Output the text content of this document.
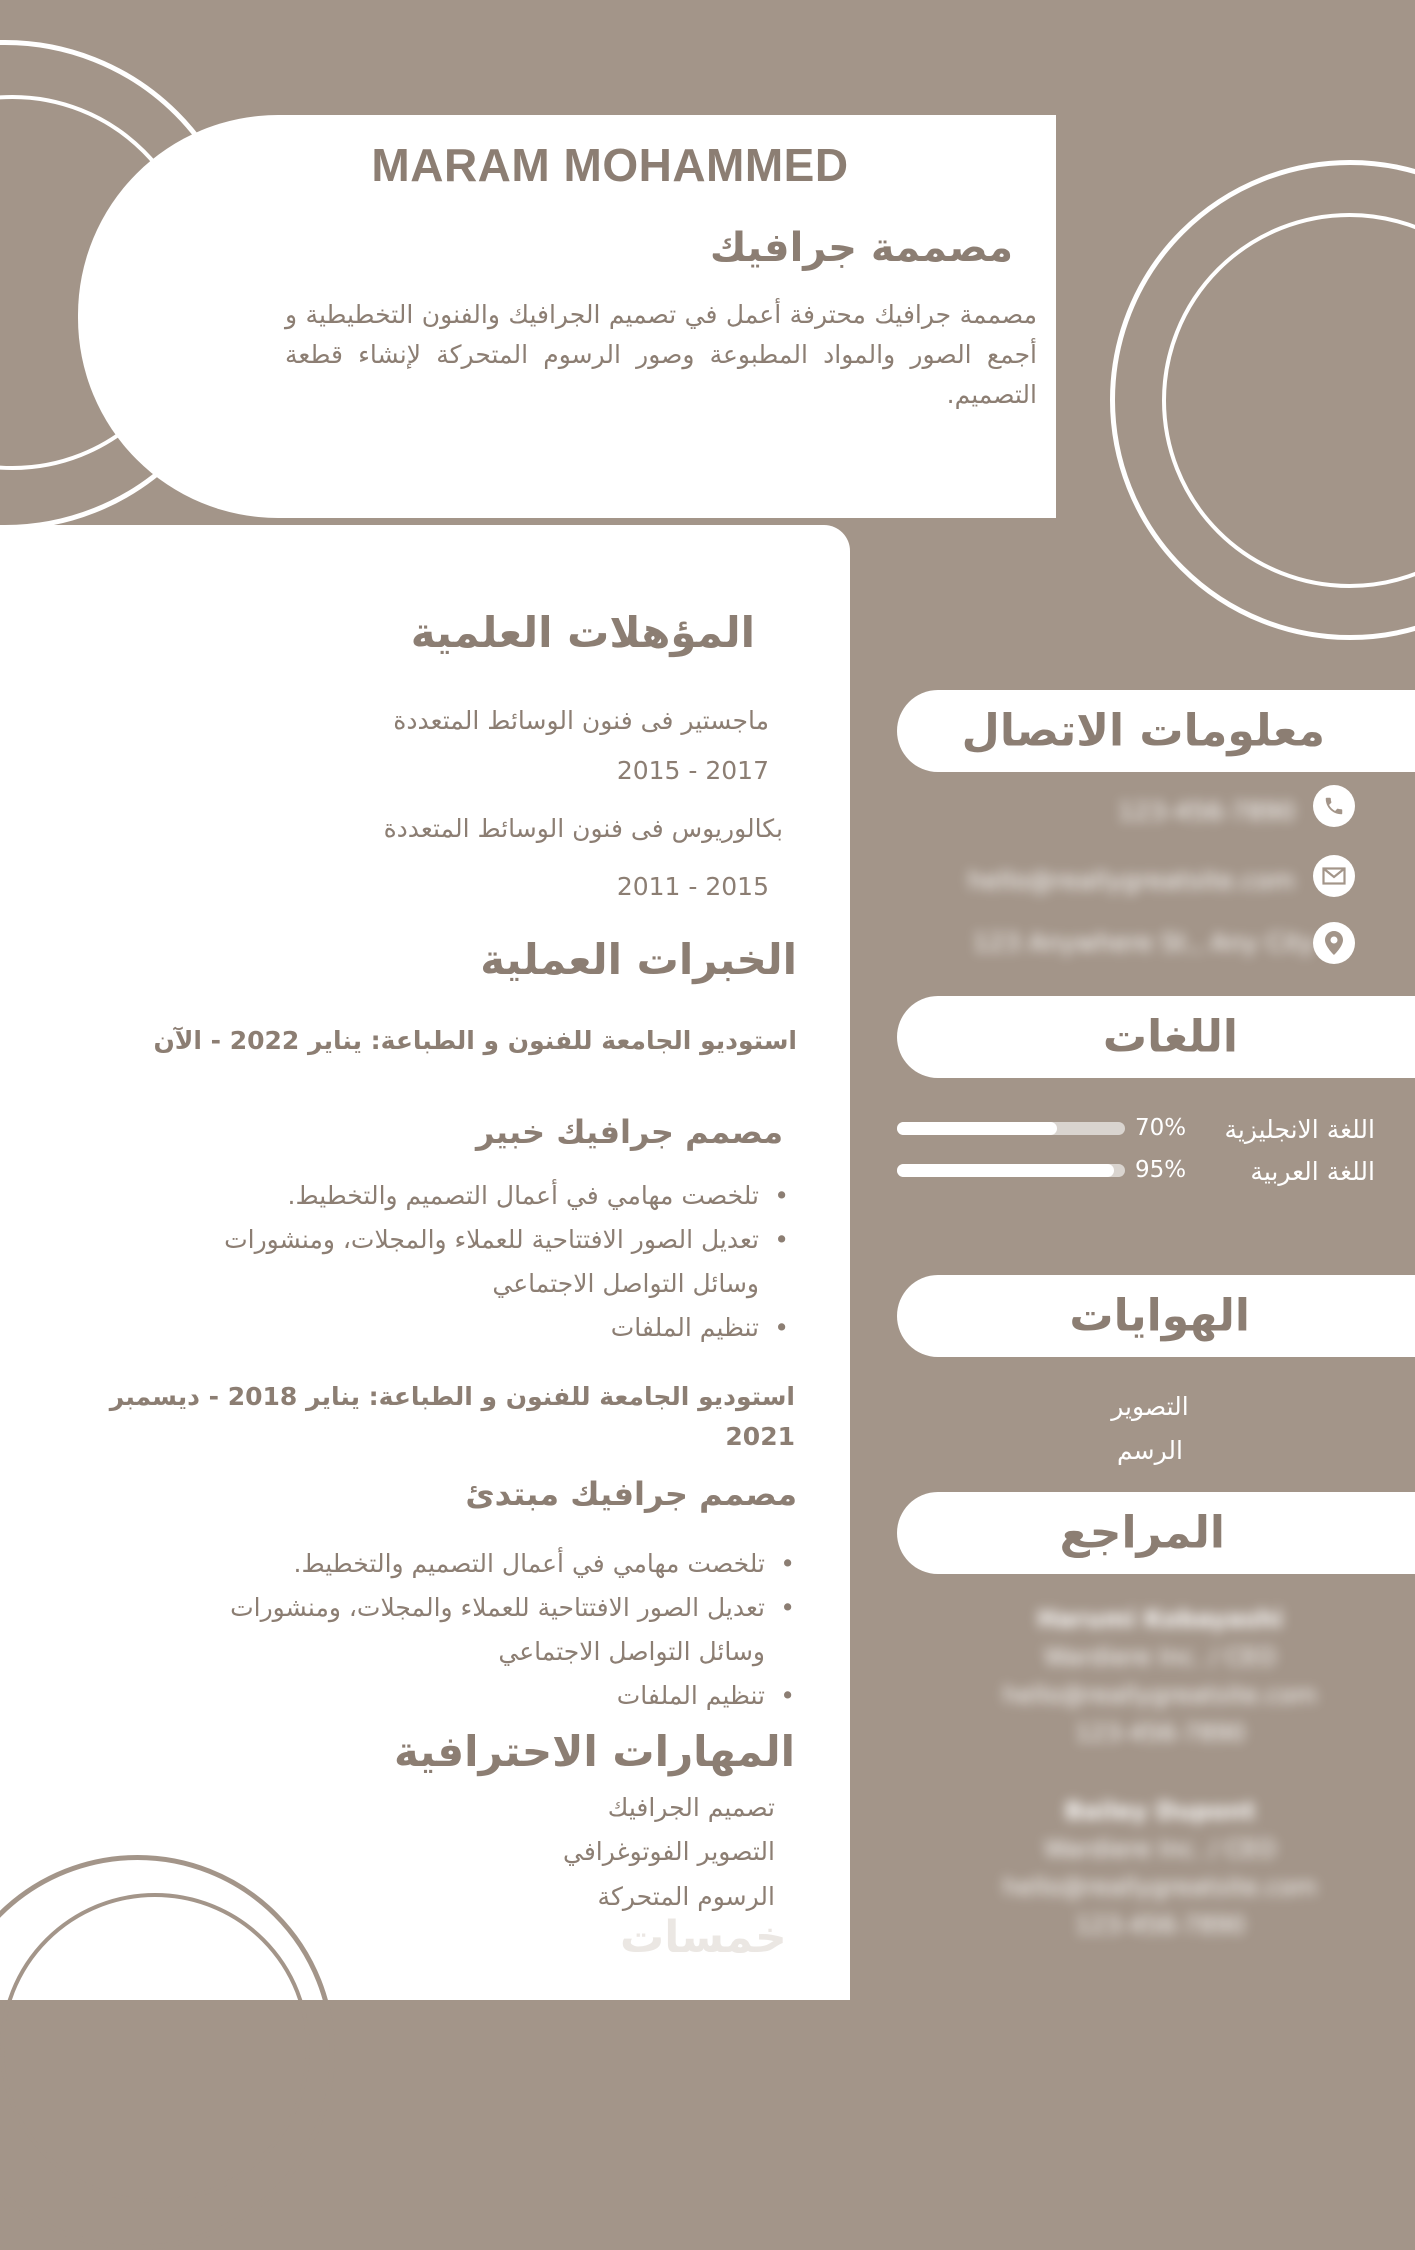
MARAM MOHAMMED
مصممة جرافيك
مصممة جرافيك محترفة أعمل في تصميم الجرافيك والفنون التخطيطية و أجمع الصور والمواد المطبوعة وصور الرسوم المتحركة لإنشاء قطعة التصميم.
المؤهلات العلمية
ماجستير فى فنون الوسائط المتعددة
2015 - 2017
بكالوريوس فى فنون الوسائط المتعددة
2011 - 2015
الخبرات العملية
استوديو الجامعة للفنون و الطباعة: يناير 2022 - الآن
مصمم جرافيك خبير
• تلخصت مهامي في أعمال التصميم والتخطيط.
• تعديل الصور الافتتاحية للعملاء والمجلات، ومنشورات وسائل التواصل الاجتماعي
• تنظيم الملفات
استوديو الجامعة للفنون و الطباعة: يناير 2018 - ديسمبر 2021
مصمم جرافيك مبتدئ
• تلخصت مهامي في أعمال التصميم والتخطيط.
• تعديل الصور الافتتاحية للعملاء والمجلات، ومنشورات وسائل التواصل الاجتماعي
• تنظيم الملفات
المهارات الاحترافية
تصميم الجرافيك
التصوير الفوتوغرافي
الرسوم المتحركة
خمسات
معلومات الاتصال
123-456-7890
hello@reallygreatsite.com
123 Anywhere St., Any City
اللغات
اللغة الانجليزية
70%
اللغة العربية
95%
الهوايات
التصوير
الرسم
المراجع
Harumi Kobayashi
Wardiere Inc. / CEO
hello@reallygreatsite.com
123-456-7890
Bailey Dupont
Wardiere Inc. / CEO
hello@reallygreatsite.com
123-456-7890
